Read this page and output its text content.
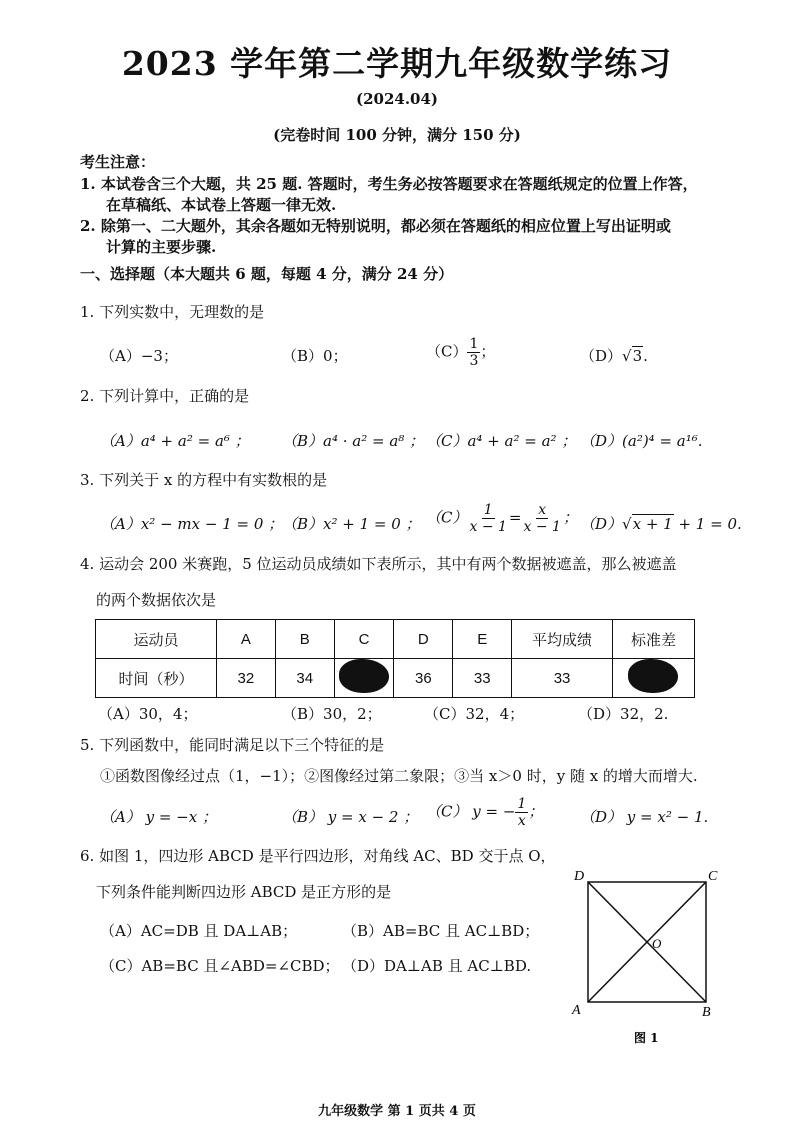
2023 学年第二学期九年级数学练习
(2024.04)
(完卷时间 100 分钟，满分 150 分)
考生注意：
1. 本试卷含三个大题，共 25 题. 答题时，考生务必按答题要求在答题纸规定的位置上作答，
在草稿纸、本试卷上答题一律无效.
2. 除第一、二大题外，其余各题如无特别说明，都必须在答题纸的相应位置上写出证明或
计算的主要步骤.
一、选择题（本大题共 6 题，每题 4 分，满分 24 分）
1. 下列实数中，无理数的是
（A）−3；	（B）0；	$(C) \frac{1}{3}$ ；	（D）√3.
2. 下列计算中，正确的是
（A）a⁴ + a² = a⁶ ； （B）a⁴ · a² = a⁸ ； （C）a⁴ + a² = a² ； （D）(a²)⁴ = a¹⁶.
3. 下列关于 x 的方程中有实数根的是
（A）x² − mx − 1 = 0 ；
（B）x² + 1 = 0 ； $(C) \frac{1}{x - 1} = \frac{x}{x - 1}$ ； （D）√x + 1 + 1 = 0.
4. 运动会 200 米赛跑，5 位运动员成绩如下表所示，其中有两个数据被遮盖，那么被遮盖
的两个数据依次是
运动员	A	B	C	D	E	平均成绩	标准差
时间（秒）	32	34		36	33	33	
（A）30，4；	（B）30，2；	（C）32，4；	（D）32，2.
5. 下列函数中，能同时满足以下三个特征的是
①函数图像经过点（1，−1）；②图像经过第二象限；③当 x＞0 时，y 随 x 的增大而增大.
（A） y = −x ；	（B） y = x − 2 ； （C） y = − $\frac{1}{x}$ ； （D） y = x² − 1.
6. 如图 1，四边形 ABCD 是平行四边形，对角线 AC、BD 交于点 O，
下列条件能判断四边形 ABCD 是正方形的是
（A）AC=DB 且 DA⊥AB；	（B）AB=BC 且 AC⊥BD；
（C）AB=BC 且∠ABD=∠CBD； （D）DA⊥AB 且 AC⊥BD.
D	C
A	B
O
图 1
九年级数学 第 1 页共 4 页
